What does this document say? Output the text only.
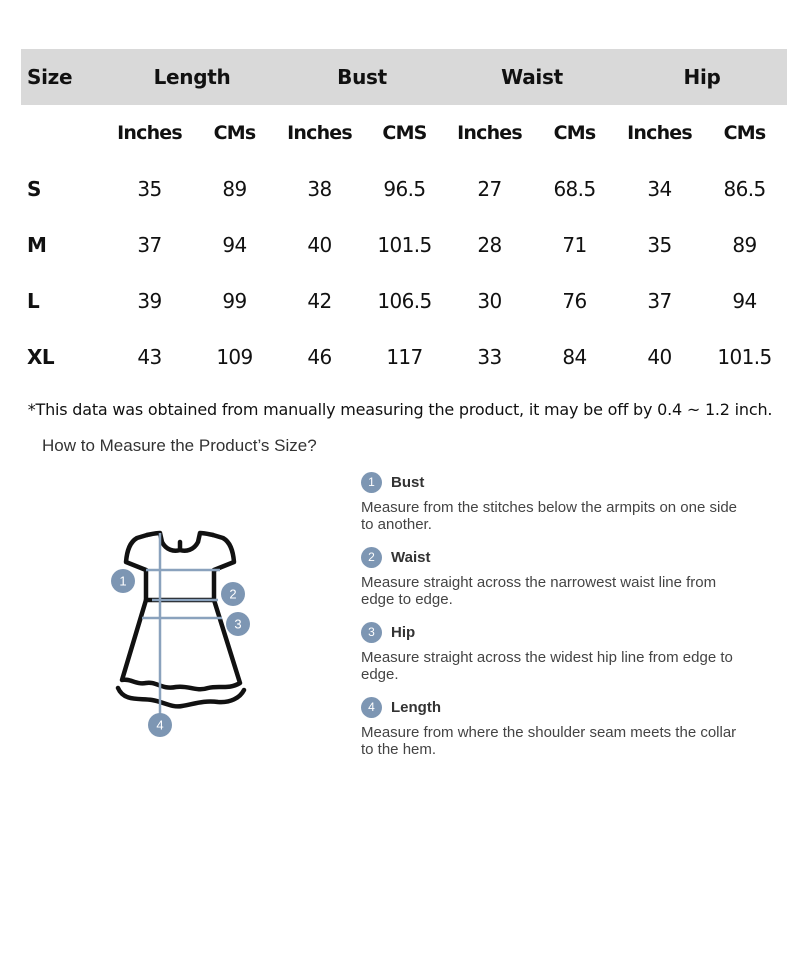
Size	Length		Bust		Waist		Hip	
	Inches	CMs	Inches	CMS	Inches	CMs	Inches	CMs
S	35	89	38	96.5	27	68.5	34	86.5
M	37	94	40	101.5	28	71	35	89
L	39	99	42	106.5	30	76	37	94
XL	43	109	46	117	33	84	40	101.5
*This data was obtained from manually measuring the product, it may be off by 0.4 ~ 1.2 inch.
How to Measure the Product’s Size?
1
2
3
4
1	Bust
Measure from the stitches below the armpits on one side to another.
2	Waist
Measure straight across the narrowest waist line from edge to edge.
3	Hip
Measure straight across the widest hip line from edge to edge.
4	Length
Measure from where the shoulder seam meets the collar to the hem.
